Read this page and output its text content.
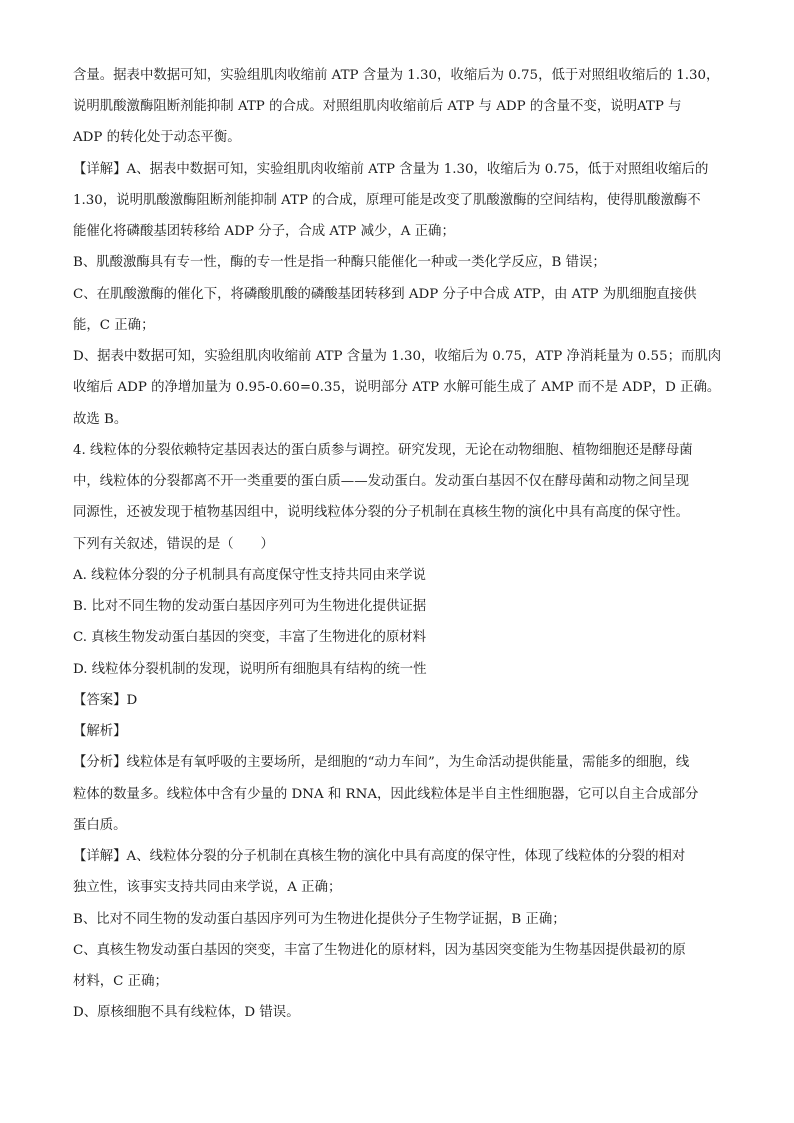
含量。据表中数据可知，实验组肌肉收缩前 ATP 含量为 1.30，收缩后为 0.75，低于对照组收缩后的 1.30，
说明肌酸激酶阻断剂能抑制 ATP 的合成。对照组肌肉收缩前后 ATP 与 ADP 的含量不变，说明ATP 与
ADP 的转化处于动态平衡。
【详解】A、据表中数据可知，实验组肌肉收缩前 ATP 含量为 1.30，收缩后为 0.75，低于对照组收缩后的
1.30，说明肌酸激酶阻断剂能抑制 ATP 的合成，原理可能是改变了肌酸激酶的空间结构，使得肌酸激酶不
能催化将磷酸基团转移给 ADP 分子，合成 ATP 减少，A 正确；
B、肌酸激酶具有专一性，酶的专一性是指一种酶只能催化一种或一类化学反应，B 错误；
C、在肌酸激酶的催化下，将磷酸肌酸的磷酸基团转移到 ADP 分子中合成 ATP，由 ATP 为肌细胞直接供
能，C 正确；
D、据表中数据可知，实验组肌肉收缩前 ATP 含量为 1.30，收缩后为 0.75，ATP 净消耗量为 0.55；而肌肉
收缩后 ADP 的净增加量为 0.95-0.60=0.35，说明部分 ATP 水解可能生成了 AMP 而不是 ADP，D 正确。
故选 B。
4. 线粒体的分裂依赖特定基因表达的蛋白质参与调控。研究发现，无论在动物细胞、植物细胞还是酵母菌
中，线粒体的分裂都离不开一类重要的蛋白质——发动蛋白。发动蛋白基因不仅在酵母菌和动物之间呈现
同源性，还被发现于植物基因组中，说明线粒体分裂的分子机制在真核生物的演化中具有高度的保守性。
下列有关叙述，错误的是（　　）
A. 线粒体分裂的分子机制具有高度保守性支持共同由来学说
B. 比对不同生物的发动蛋白基因序列可为生物进化提供证据
C. 真核生物发动蛋白基因的突变，丰富了生物进化的原材料
D. 线粒体分裂机制的发现，说明所有细胞具有结构的统一性
【答案】D
【解析】
【分析】线粒体是有氧呼吸的主要场所，是细胞的“动力车间”，为生命活动提供能量，需能多的细胞，线
粒体的数量多。线粒体中含有少量的 DNA 和 RNA，因此线粒体是半自主性细胞器，它可以自主合成部分
蛋白质。
【详解】A、线粒体分裂的分子机制在真核生物的演化中具有高度的保守性，体现了线粒体的分裂的相对
独立性，该事实支持共同由来学说，A 正确；
B、比对不同生物的发动蛋白基因序列可为生物进化提供分子生物学证据，B 正确；
C、真核生物发动蛋白基因的突变，丰富了生物进化的原材料，因为基因突变能为生物基因提供最初的原
材料，C 正确；
D、原核细胞不具有线粒体，D 错误。
